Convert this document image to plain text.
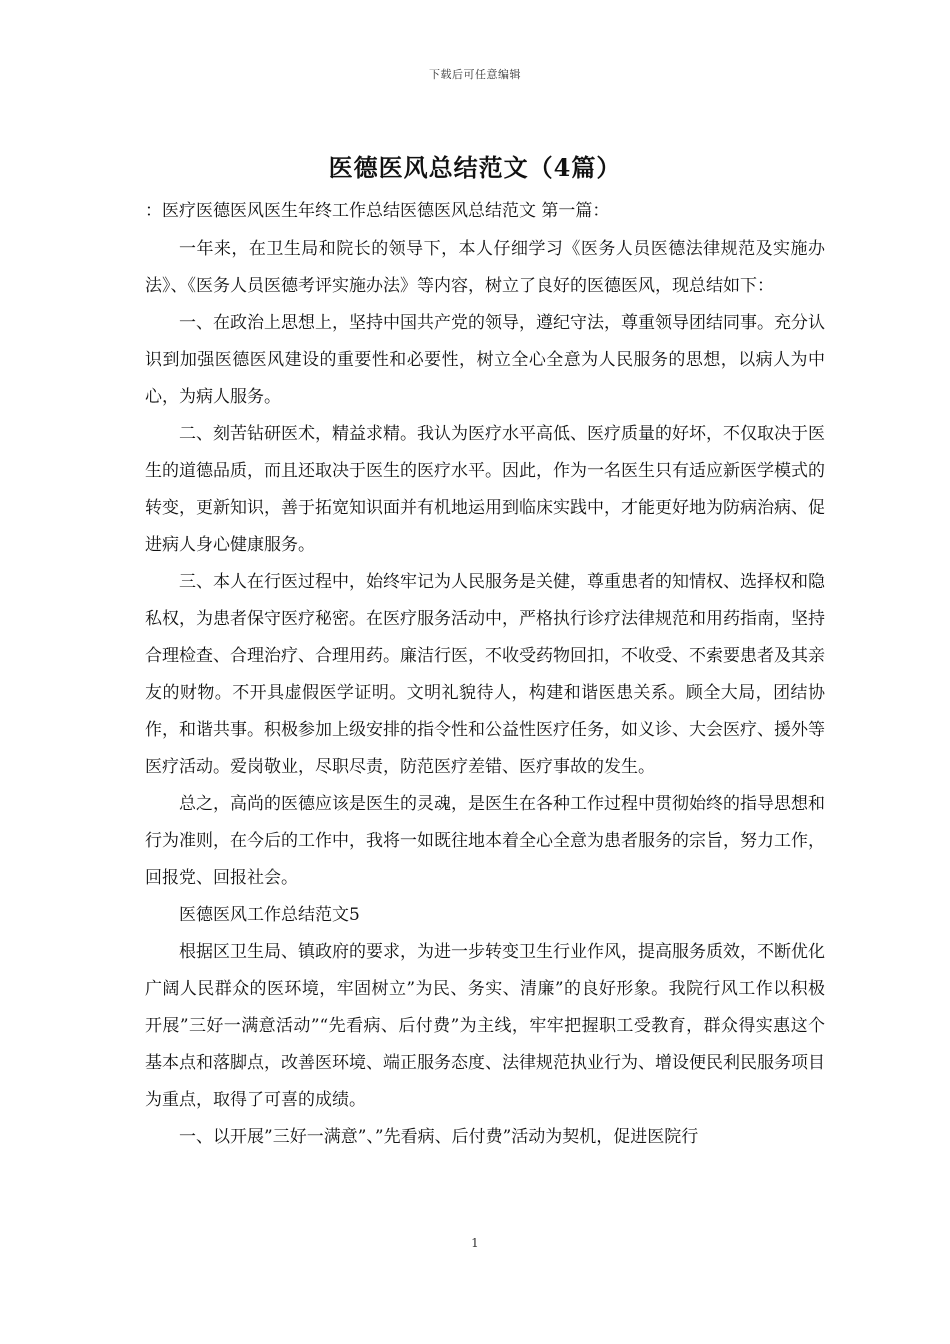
下载后可任意编辑
医德医风总结范文（4篇）

：医疗医德医风医生年终工作总结医德医风总结范文 第一篇：

一年来，在卫生局和院长的领导下，本人仔细学习《医务人员医德法律规范及实施办法》、《医务人员医德考评实施办法》等内容，树立了良好的医德医风，现总结如下：

一、在政治上思想上，坚持中国共产党的领导，遵纪守法，尊重领导团结同事。充分认识到加强医德医风建设的重要性和必要性，树立全心全意为人民服务的思想，以病人为中心，为病人服务。

二、刻苦钻研医术，精益求精。我认为医疗水平高低、医疗质量的好坏，不仅取决于医生的道德品质，而且还取决于医生的医疗水平。因此，作为一名医生只有适应新医学模式的转变，更新知识，善于拓宽知识面并有机地运用到临床实践中，才能更好地为防病治病、促进病人身心健康服务。

三、本人在行医过程中，始终牢记为人民服务是关健，尊重患者的知情权、选择权和隐私权，为患者保守医疗秘密。在医疗服务活动中，严格执行诊疗法律规范和用药指南，坚持合理检查、合理治疗、合理用药。廉洁行医，不收受药物回扣，不收受、不索要患者及其亲友的财物。不开具虚假医学证明。文明礼貌待人，构建和谐医患关系。顾全大局，团结协作，和谐共事。积极参加上级安排的指令性和公益性医疗任务，如义诊、大会医疗、援外等医疗活动。爱岗敬业，尽职尽责，防范医疗差错、医疗事故的发生。

总之，高尚的医德应该是医生的灵魂，是医生在各种工作过程中贯彻始终的指导思想和行为准则，在今后的工作中，我将一如既往地本着全心全意为患者服务的宗旨，努力工作，回报党、回报社会。

医德医风工作总结范文5

根据区卫生局、镇政府的要求，为进一步转变卫生行业作风，提高服务质效，不断优化广阔人民群众的医环境，牢固树立”为民、务实、清廉”的良好形象。我院行风工作以积极开展”三好一满意活动”“先看病、后付费”为主线，牢牢把握职工受教育，群众得实惠这个基本点和落脚点，改善医环境、端正服务态度、法律规范执业行为、增设便民利民服务项目为重点，取得了可喜的成绩。

一、以开展”三好一满意”、”先看病、后付费”活动为契机，促进医院行

1
